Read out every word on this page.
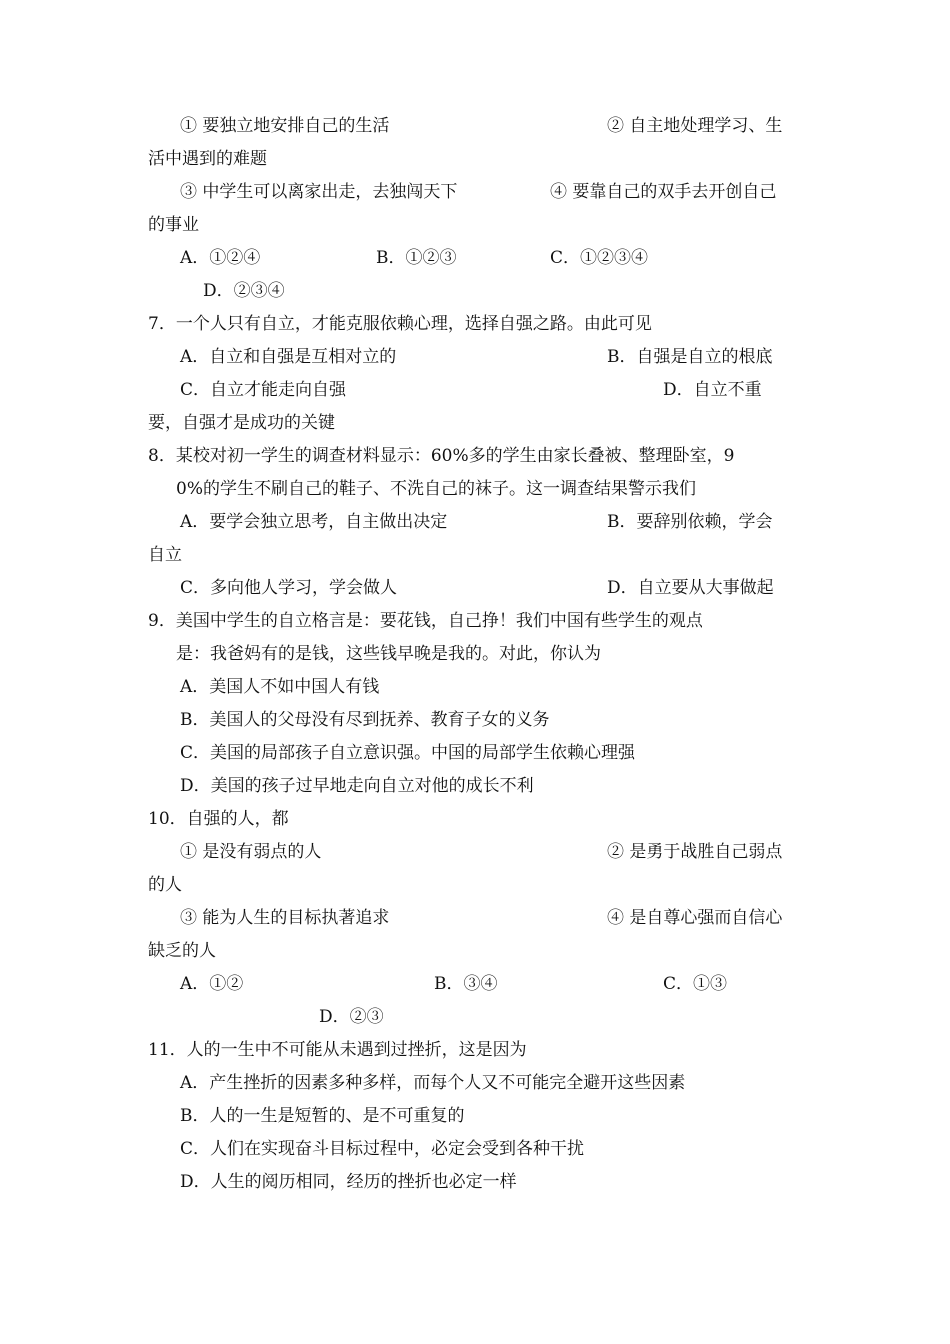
① 要独立地安排自己的生活	② 自主地处理学习、生
活中遇到的难题
③ 中学生可以离家出走，去独闯天下	④ 要靠自己的双手去开创自己
的事业
A．①②④	B．①②③	C．①②③④
D．②③④
7．一个人只有自立，才能克服依赖心理，选择自强之路。由此可见
A．自立和自强是互相对立的	B．自强是自立的根底
C．自立才能走向自强	D．自立不重
要，自强才是成功的关键
8．某校对初一学生的调查材料显示：60%多的学生由家长叠被、整理卧室，9
0%的学生不刷自己的鞋子、不洗自己的袜子。这一调查结果警示我们
A．要学会独立思考，自主做出决定	B．要辞别依赖，学会
自立
C．多向他人学习，学会做人	D．自立要从大事做起
9．美国中学生的自立格言是：要花钱，自己挣！我们中国有些学生的观点
是：我爸妈有的是钱，这些钱早晚是我的。对此，你认为
A．美国人不如中国人有钱
B．美国人的父母没有尽到抚养、教育子女的义务
C．美国的局部孩子自立意识强。中国的局部学生依赖心理强
D．美国的孩子过早地走向自立对他的成长不利
10．自强的人，都
① 是没有弱点的人	② 是勇于战胜自己弱点
的人
③ 能为人生的目标执著追求	④ 是自尊心强而自信心
缺乏的人
A．①②	B．③④	C．①③
D．②③
11．人的一生中不可能从未遇到过挫折，这是因为
A．产生挫折的因素多种多样，而每个人又不可能完全避开这些因素
B．人的一生是短暂的、是不可重复的
C．人们在实现奋斗目标过程中，必定会受到各种干扰
D．人生的阅历相同，经历的挫折也必定一样
